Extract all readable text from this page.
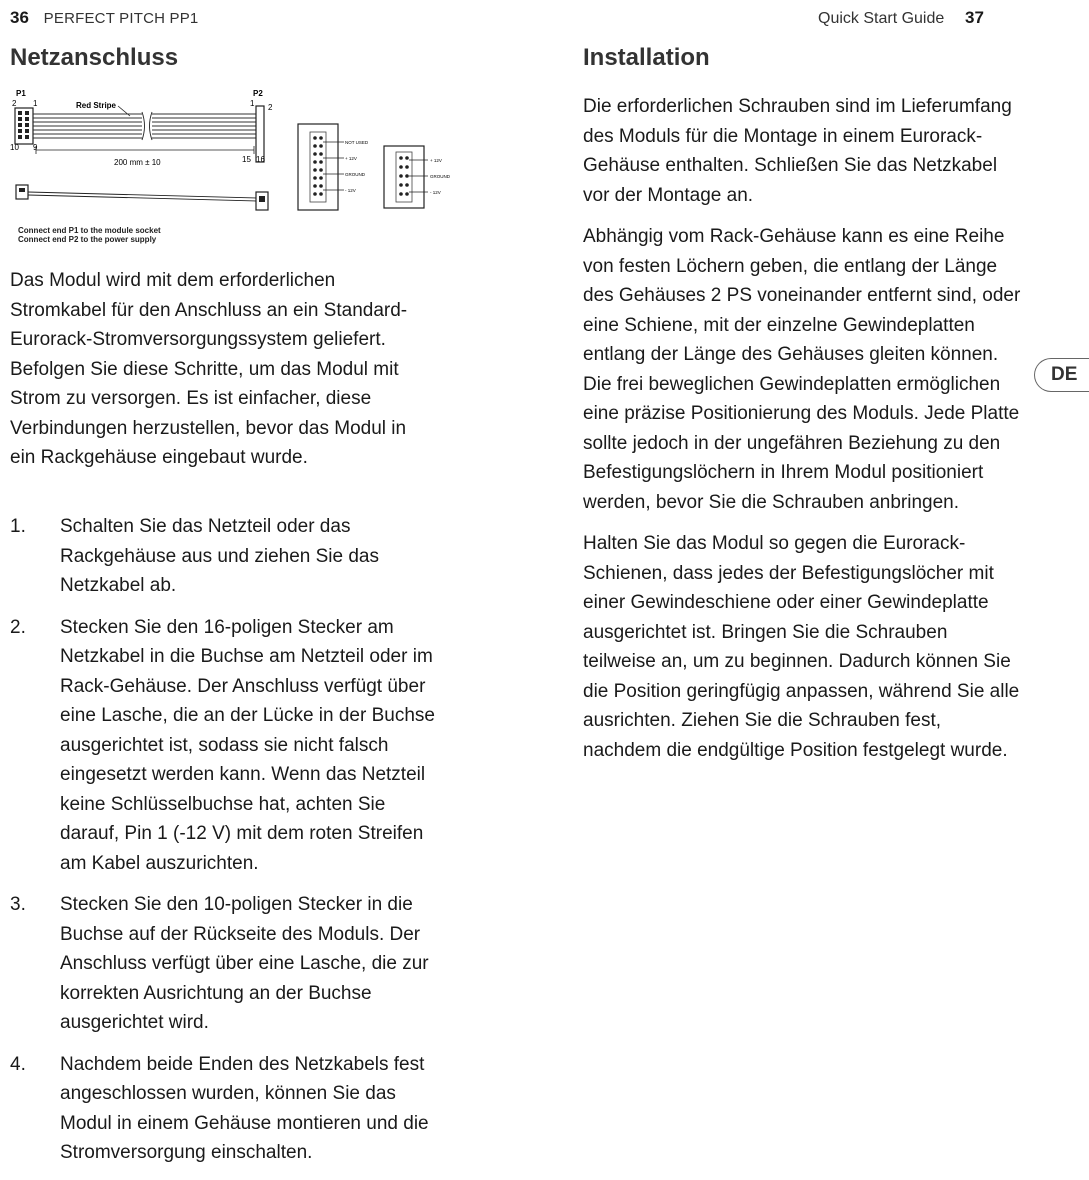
36 PERFECT PITCH PP1	Quick Start Guide 37
Netzanschluss
P1
2 1
10 9
Red Stripe
P2
1 2
15 16
200 mm ± 10
NOT USED
+ 12V
GROUND
- 12V
+ 12V
GROUND
- 12V
Connect end P1 to the module socket
Connect end P2 to the power supply

Das Modul wird mit dem erforderlichen Stromkabel für den Anschluss an ein Standard-Eurorack-Stromversorgungssystem geliefert. Befolgen Sie diese Schritte, um das Modul mit Strom zu versorgen. Es ist einfacher, diese Verbindungen herzustellen, bevor das Modul in ein Rackgehäuse eingebaut wurde.

1. Schalten Sie das Netzteil oder das Rackgehäuse aus und ziehen Sie das Netzkabel ab.
2. Stecken Sie den 16-poligen Stecker am Netzkabel in die Buchse am Netzteil oder im Rack-Gehäuse. Der Anschluss verfügt über eine Lasche, die an der Lücke in der Buchse ausgerichtet ist, sodass sie nicht falsch eingesetzt werden kann. Wenn das Netzteil keine Schlüsselbuchse hat, achten Sie darauf, Pin 1 (-12 V) mit dem roten Streifen am Kabel auszurichten.
3. Stecken Sie den 10-poligen Stecker in die Buchse auf der Rückseite des Moduls. Der Anschluss verfügt über eine Lasche, die zur korrekten Ausrichtung an der Buchse ausgerichtet wird.
4. Nachdem beide Enden des Netzkabels fest angeschlossen wurden, können Sie das Modul in einem Gehäuse montieren und die Stromversorgung einschalten.
Installation

Die erforderlichen Schrauben sind im Lieferumfang des Moduls für die Montage in einem Eurorack-Gehäuse enthalten. Schließen Sie das Netzkabel vor der Montage an.

Abhängig vom Rack-Gehäuse kann es eine Reihe von festen Löchern geben, die entlang der Länge des Gehäuses 2 PS voneinander entfernt sind, oder eine Schiene, mit der einzelne Gewindeplatten entlang der Länge des Gehäuses gleiten können. Die frei beweglichen Gewindeplatten ermöglichen eine präzise Positionierung des Moduls. Jede Platte sollte jedoch in der ungefähren Beziehung zu den Befestigungslöchern in Ihrem Modul positioniert werden, bevor Sie die Schrauben anbringen.

Halten Sie das Modul so gegen die Eurorack-Schienen, dass jedes der Befestigungslöcher mit einer Gewindeschiene oder einer Gewindeplatte ausgerichtet ist. Bringen Sie die Schrauben teilweise an, um zu beginnen. Dadurch können Sie die Position geringfügig anpassen, während Sie alle ausrichten. Ziehen Sie die Schrauben fest, nachdem die endgültige Position festgelegt wurde.

DE
